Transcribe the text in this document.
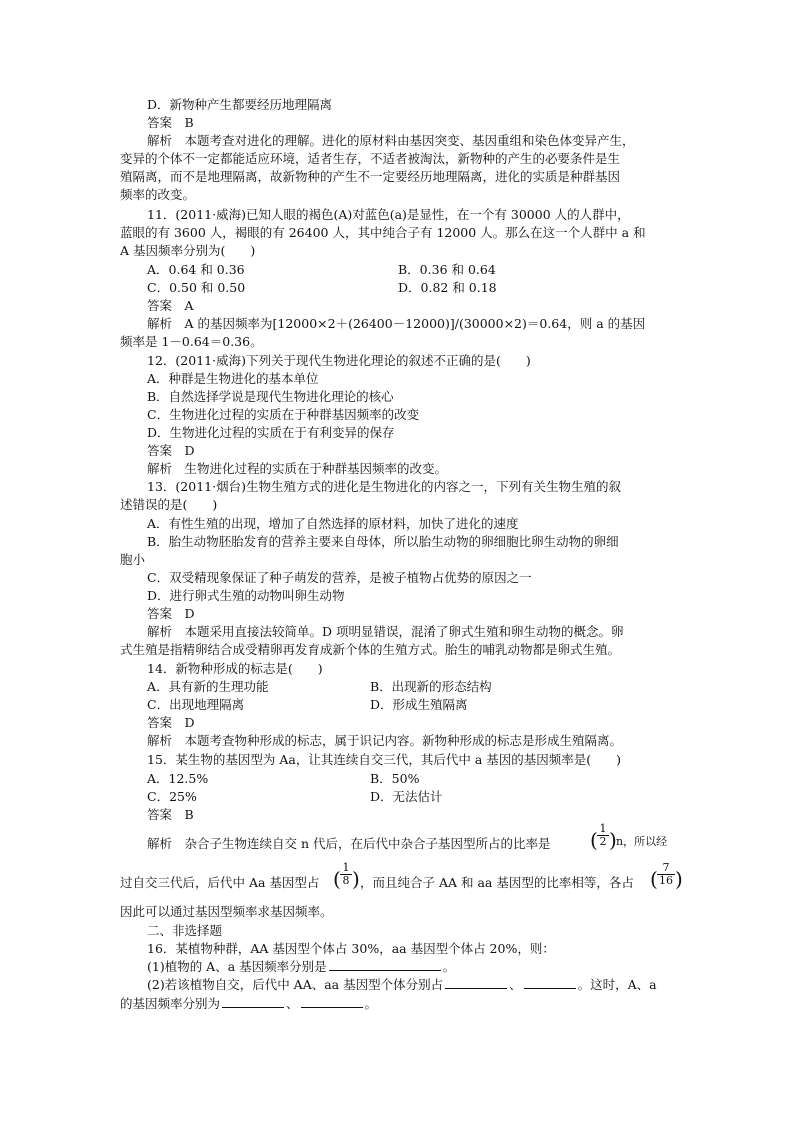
D．新物种产生都要经历地理隔离
答案　B
解析　本题考查对进化的理解。进化的原材料由基因突变、基因重组和染色体变异产生，
变异的个体不一定都能适应环境，适者生存，不适者被淘汰，新物种的产生的必要条件是生
殖隔离，而不是地理隔离，故新物种的产生不一定要经历地理隔离，进化的实质是种群基因
频率的改变。
11．(2011·威海)已知人眼的褐色(A)对蓝色(a)是显性，在一个有 30000 人的人群中，
蓝眼的有 3600 人，褐眼的有 26400 人，其中纯合子有 12000 人。那么在这一个人群中 a 和
A 基因频率分别为(　　)
A．0.64 和 0.36	B．0.36 和 0.64
C．0.50 和 0.50	D．0.82 和 0.18
答案　A
解析　A 的基因频率为[12000×2＋(26400－12000)]/(30000×2)＝0.64，则 a 的基因
频率是 1－0.64＝0.36。
12．(2011·威海)下列关于现代生物进化理论的叙述不正确的是(　　)
A．种群是生物进化的基本单位
B．自然选择学说是现代生物进化理论的核心
C．生物进化过程的实质在于种群基因频率的改变
D．生物进化过程的实质在于有利变异的保存
答案　D
解析　生物进化过程的实质在于种群基因频率的改变。
13．(2011·烟台)生物生殖方式的进化是生物进化的内容之一，下列有关生物生殖的叙
述错误的是(　　)
A．有性生殖的出现，增加了自然选择的原材料，加快了进化的速度
B．胎生动物胚胎发育的营养主要来自母体，所以胎生动物的卵细胞比卵生动物的卵细
胞小
C．双受精现象保证了种子萌发的营养，是被子植物占优势的原因之一
D．进行卵式生殖的动物叫卵生动物
答案　D
解析　本题采用直接法较简单。D 项明显错误，混淆了卵式生殖和卵生动物的概念。卵
式生殖是指精卵结合成受精卵再发育成新个体的生殖方式。胎生的哺乳动物都是卵式生殖。
14．新物种形成的标志是(　　)
A．具有新的生理功能	B．出现新的形态结构
C．出现地理隔离	D．形成生殖隔离
答案　D
解析　本题考查物种形成的标志，属于识记内容。新物种形成的标志是形成生殖隔离。
15．某生物的基因型为 Aa，让其连续自交三代，其后代中 a 基因的基因频率是(　　)
A．12.5%	B．50%
C．25%	D．无法估计
答案　B
解析　杂合子生物连续自交 n 代后，在后代中杂合子基因型所占的比率是 ( 1
2 ) n，所以经
过自交三代后，后代中 Aa 基因型占 ( 1
8 ) ，而且纯合子 AA 和 aa 基因型的比率相等，各占 ( 7
16 )
因此可以通过基因型频率求基因频率。
二、非选择题
16．某植物种群，AA 基因型个体占 30%，aa 基因型个体占 20%，则：
(1)植物的 A、a 基因频率分别是	。
(2)若该植物自交，后代中 AA、aa 基因型个体分别占	、	。这时，A、a
的基因频率分别为	、	。
